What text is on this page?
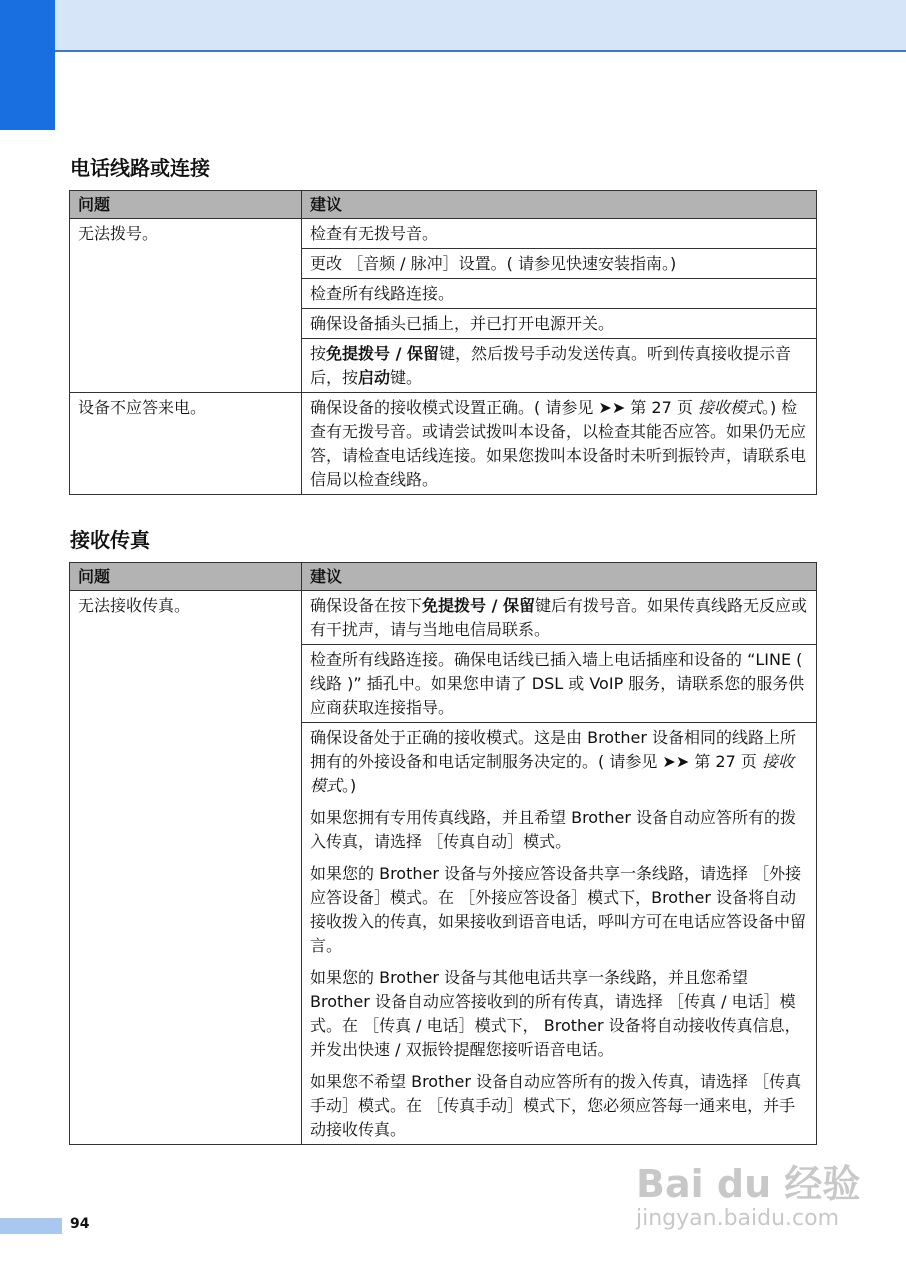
电话线路或连接
问题	建议
无法拨号。	检查有无拨号音。
	更改 ［音频 / 脉冲］设置。( 请参见快速安装指南。)
	检查所有线路连接。
	确保设备插头已插上，并已打开电源开关。
	按免提拨号 / 保留键，然后拨号手动发送传真。听到传真接收提示音后，按启动键。
设备不应答来电。	确保设备的接收模式设置正确。( 请参见 ➤➤ 第 27 页 接收模式。) 检查有无拨号音。或请尝试拨叫本设备，以检查其能否应答。如果仍无应答，请检查电话线连接。如果您拨叫本设备时未听到振铃声，请联系电信局以检查线路。
接收传真
问题	建议
无法接收传真。	确保设备在按下免提拨号 / 保留键后有拨号音。如果传真线路无反应或有干扰声，请与当地电信局联系。
	检查所有线路连接。确保电话线已插入墙上电话插座和设备的 “LINE ( 线路 )” 插孔中。如果您申请了 DSL 或 VoIP 服务，请联系您的服务供应商获取连接指导。

	确保设备处于正确的接收模式。这是由 Brother 设备相同的线路上所拥有的外接设备和电话定制服务决定的。( 请参见 ➤➤ 第 27 页 接收模式。)

如果您拥有专用传真线路，并且希望 Brother 设备自动应答所有的拨入传真，请选择 ［传真自动］模式。

如果您的 Brother 设备与外接应答设备共享一条线路，请选择 ［外接应答设备］模式。在 ［外接应答设备］模式下，Brother 设备将自动接收拨入的传真，如果接收到语音电话，呼叫方可在电话应答设备中留言。

如果您的 Brother 设备与其他电话共享一条线路，并且您希望 Brother 设备自动应答接收到的所有传真，请选择 ［传真 / 电话］模式。在 ［传真 / 电话］模式下， Brother 设备将自动接收传真信息，并发出快速 / 双振铃提醒您接听语音电话。

如果您不希望 Brother 设备自动应答所有的拨入传真，请选择 ［传真手动］模式。在 ［传真手动］模式下，您必须应答每一通来电，并手动接收传真。

94
Bai du 经验
jingyan.baidu.com
